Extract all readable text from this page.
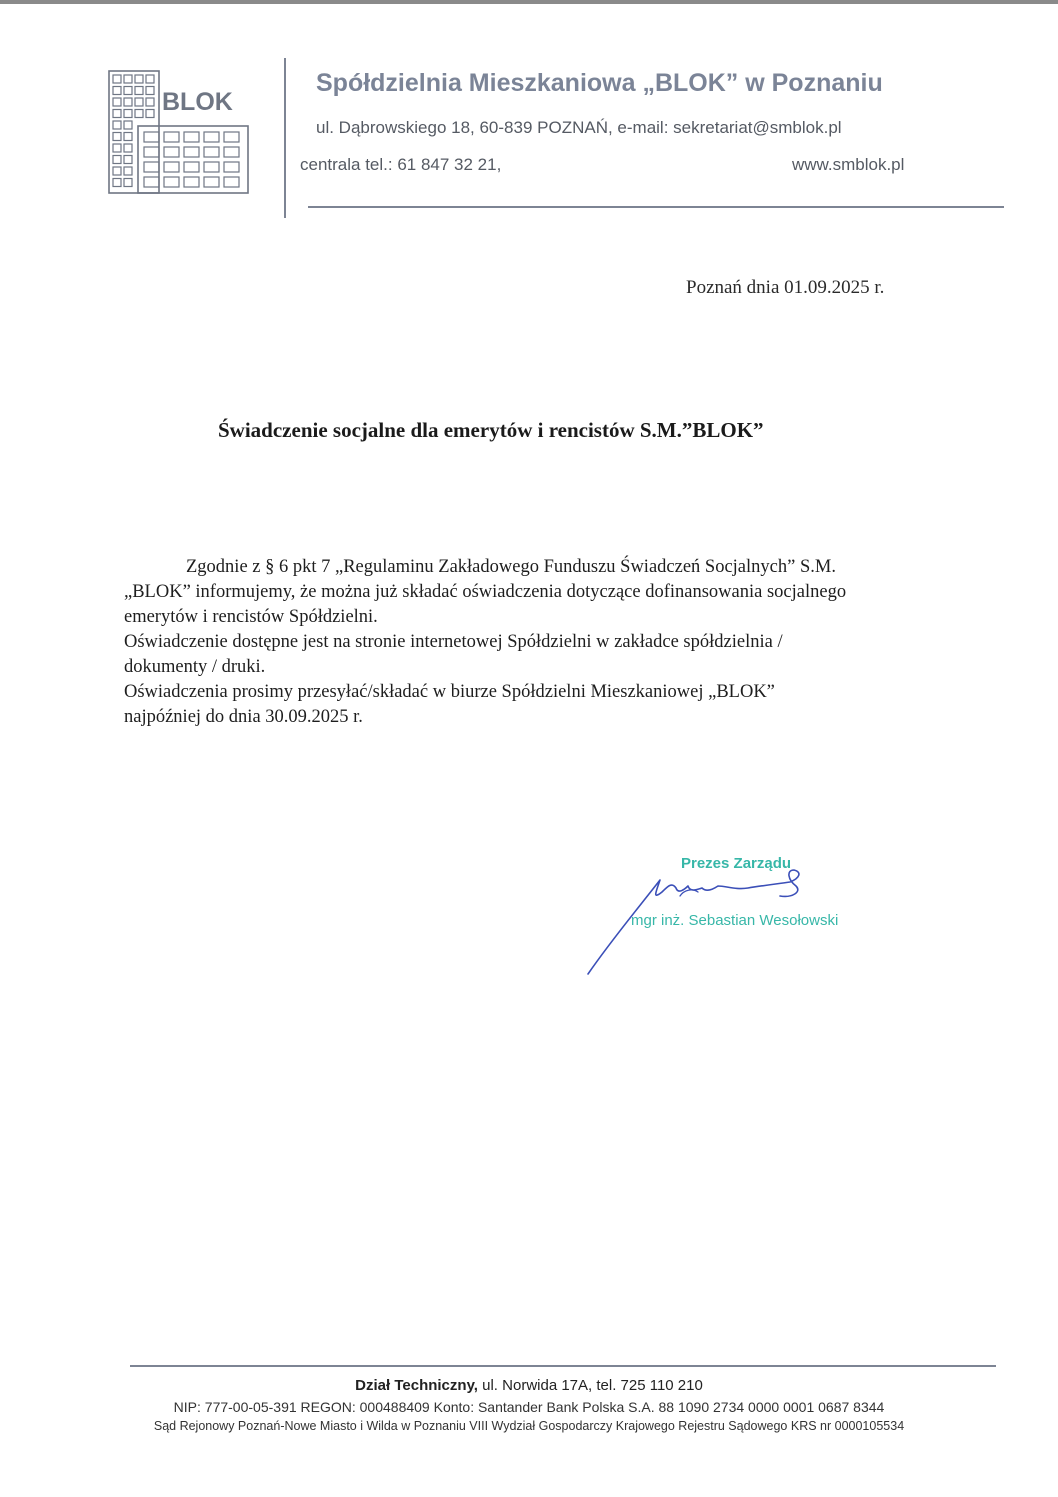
BLOK
Spółdzielnia Mieszkaniowa „BLOK” w Poznaniu
ul. Dąbrowskiego 18, 60-839 POZNAŃ, e-mail: sekretariat@smblok.pl
centrala tel.: 61 847 32 21,	www.smblok.pl
Poznań dnia 01.09.2025 r.
Świadczenie socjalne dla emerytów i rencistów S.M.”BLOK”
Zgodnie z § 6 pkt 7 „Regulaminu Zakładowego Funduszu Świadczeń Socjalnych” S.M.
„BLOK” informujemy, że można już składać oświadczenia dotyczące dofinansowania socjalnego
emerytów i rencistów Spółdzielni.
Oświadczenie dostępne jest na stronie internetowej Spółdzielni w zakładce spółdzielnia /
dokumenty / druki.
Oświadczenia prosimy przesyłać/składać w biurze Spółdzielni Mieszkaniowej „BLOK”
najpóźniej do dnia 30.09.2025 r.
Prezes Zarządu
mgr inż. Sebastian Wesołowski
Dział Techniczny, ul. Norwida 17A, tel. 725 110 210
NIP: 777-00-05-391 REGON: 000488409 Konto: Santander Bank Polska S.A. 88 1090 2734 0000 0001 0687 8344
Sąd Rejonowy Poznań-Nowe Miasto i Wilda w Poznaniu VIII Wydział Gospodarczy Krajowego Rejestru Sądowego KRS nr 0000105534
